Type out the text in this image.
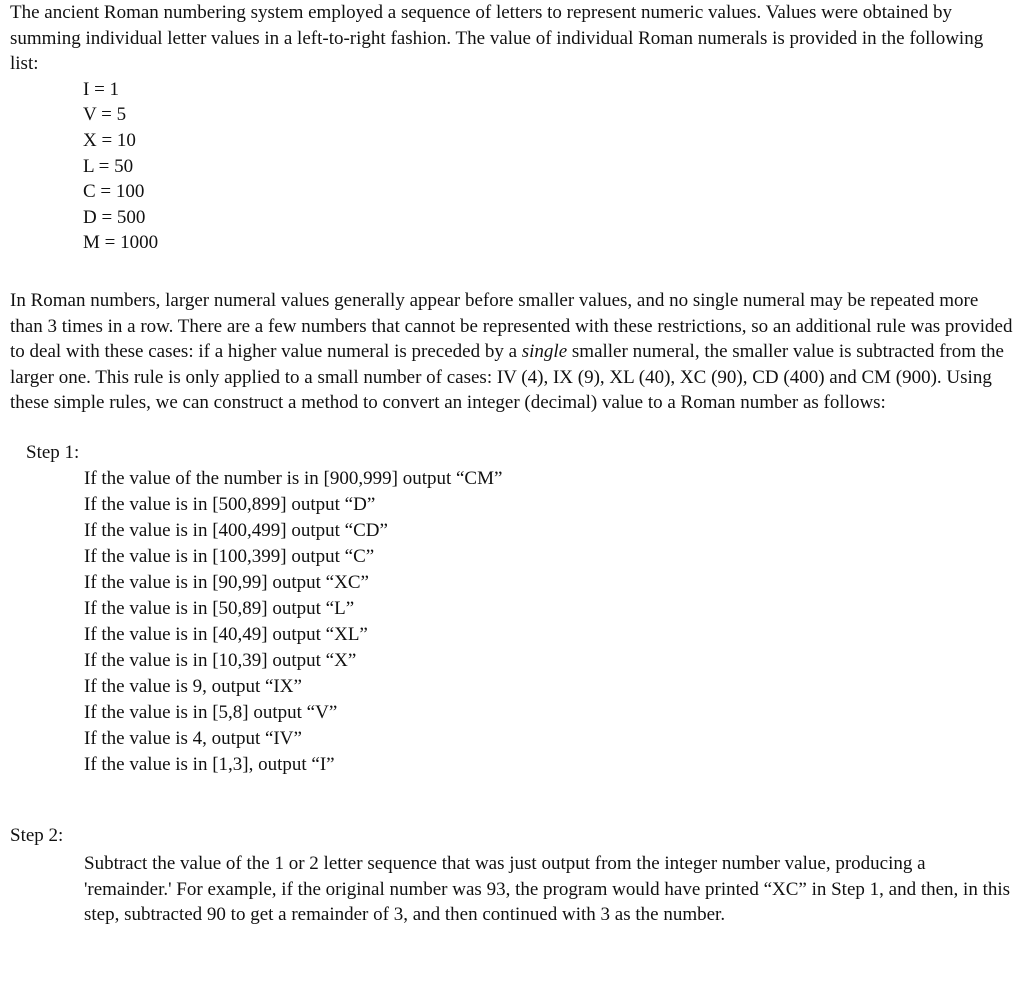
The ancient Roman numbering system employed a sequence of letters to represent numeric values. Values were obtained by summing individual letter values in a left-to-right fashion. The value of individual Roman numerals is provided in the following list:

I = 1
V = 5
X = 10
L = 50
C = 100
D = 500
M = 1000

In Roman numbers, larger numeral values generally appear before smaller values, and no single numeral may be repeated more than 3 times in a row. There are a few numbers that cannot be represented with these restrictions, so an additional rule was provided to deal with these cases: if a higher value numeral is preceded by a single smaller numeral, the smaller value is subtracted from the larger one. This rule is only applied to a small number of cases: IV (4), IX (9), XL (40), XC (90), CD (400) and CM (900). Using these simple rules, we can construct a method to convert an integer (decimal) value to a Roman number as follows:

Step 1:

If the value of the number is in [900,999] output “CM”
If the value is in [500,899] output “D”
If the value is in [400,499] output “CD”
If the value is in [100,399] output “C”
If the value is in [90,99] output “XC”
If the value is in [50,89] output “L”
If the value is in [40,49] output “XL”
If the value is in [10,39] output “X”
If the value is 9, output “IX”
If the value is in [5,8] output “V”
If the value is 4, output “IV”
If the value is in [1,3], output “I”

Step 2:

Subtract the value of the 1 or 2 letter sequence that was just output from the integer number value, producing a 'remainder.' For example, if the original number was 93, the program would have printed “XC” in Step 1, and then, in this step, subtracted 90 to get a remainder of 3, and then continued with 3 as the number.
